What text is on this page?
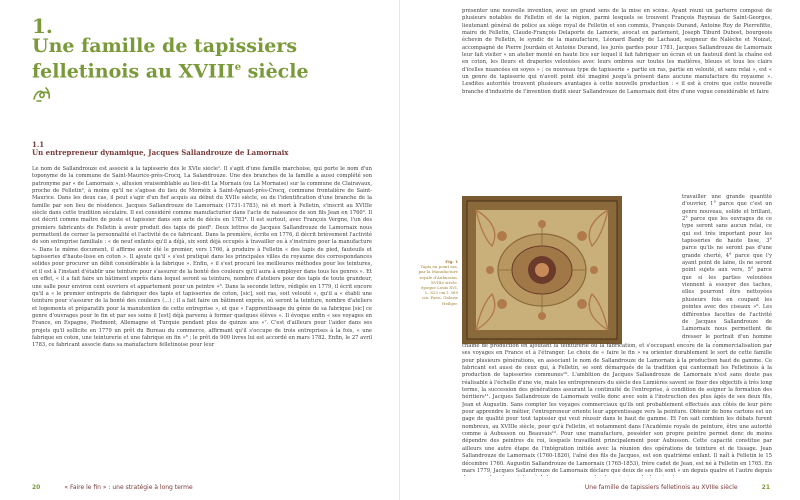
1.
Une famille de tapissiers felletinois au XVIIIe siècle
1.1
Un entrepreneur dynamique, Jacques Sallandrouze de Lamornaix

Le nom de Sallandrouze est associé à la tapisserie dès le XVIe siècle¹. Il s'agit d'une famille marchoise, qui porte le nom d'un toponyme de la commune de Saint-Maurice-près-Crocq, La Salandrouze. Une des branches de la famille a aussi complété son patronyme par « de Lamornaix », allusion vraisemblable au lieu-dit La Mornaix (ou La Mornaise) sur la commune de Clairavaux, proche de Felletin², à moins qu'il ne s'agisse du lieu de Mornéix à Saint-Agnant-près-Crocq, commune frontalière de Saint-Maurice. Dans les deux cas, il peut s'agir d'un fief acquis au début du XVIIe siècle, ou de l'identification d'une branche de la famille par son lieu de résidence. Jacques Sallandrouze de Lamornaix (1731-1783), né et mort à Felletin, s'inscrit au XVIIIe siècle dans cette tradition séculaire. Il est considéré comme manufacturier dans l'acte de naissance de son fils Jean en 1760³. Il est décrit comme maître de poste et tapissier dans son acte de décès en 1783⁴. Il est surtout, avec François Vergne, l'un des premiers fabricants de Felletin à avoir produit des tapis de pied⁵. Deux lettres de Jacques Sallandrouze de Lamornaix nous permettent de cerner la personnalité et l'activité de ce fabricant. Dans la première, écrite en 1776, il décrit brièvement l'activité de son entreprise familiale : « de neuf enfants qu'il a déjà, six sont déjà occupés à travailler ou à s'instruire pour la manufacture ». Dans le même document, il affirme avoir été le premier, vers 1766, à produire à Felletin « des tapis de pied, fauteuils et tapisseries d'haute-lisse en coton ». Il ajoute qu'il « s'est pratiqué dans les principales villes du royaume des correspondances solides pour procurer un débit considérable à la fabrique ». Enfin, « il s'est procuré les meilleures méthodes pour les teintures, et il est à l'instant d'établir une teinture pour s'assurer de la bonté des couleurs qu'il aura à employer dans tous les genres ». Et en effet, « il a fait faire un bâtiment exprès dans lequel seront sa teinture, nombre d'ateliers pour des tapis de toute grandeur, une salle pour environ cent ouvriers et appartement pour un peintre »⁶. Dans la seconde lettre, rédigée en 1779, il écrit encore qu'il a « le premier entrepris de fabriquer des tapis et tapisseries de coton, [sic], soit ras, soit velouté », qu'il a « établi une teinture pour s'assurer de la bonté des couleurs (...) ; il a fait faire un bâtiment exprès, où seront la teinture, nombre d'ateliers et logements et préparatifs pour la manutention de cette entreprise », et que « l'apprentissage du génie de sa fabrique [sic] ce genre d'ouvrages pour le fin et par ses soins il [est] déjà parvenu à former quelques élèves ». Il évoque enfin « ses voyages en France, en Espagne, Piedmont, Allemagne et Turquie pendant plus de quinze ans »⁷. C'est d'ailleurs pour l'aider dans ses projets qu'il sollicite en 1779 un prêt du Bureau du commerce, affirmant qu'il s'occupe de trois entreprises à la fois, « une fabrique en coton, une teinturerie et une fabrique en fin »⁸ ; le prêt de 900 livres lui est accordé en mars 1782. Enfin, le 27 avril 1783, ce fabricant associe dans sa manufacture felletinoise pour leur

20	« Faire le fin » : une stratégie à long terme

présenter une nouvelle invention, avec un grand sens de la mise en scène. Ayant réuni un parterre composé de plusieurs notables de Felletin et de la région, parmi lesquels se trouvent François Ruyneau de Saint-Georges, lieutenant général de police au siège royal de Felletin et son commis, François Durand, Antoine Roy de Pierrefitte, maire de Felletin, Claude-François Delaporte de Lamorie, avocat en parlement, Joseph Tiburd Dubost, bourgeois échevin de Felletin, le syndic de la manufacture, Léonard Bandy de Lachaud, seigneur de Nalèche et Noizat, accompagné de Pierre Jourdain et Antoine Durand, les jurés gardes pour 1781, Jacques Sallandrouze de Lamornaix leur fait visiter « un atelier monté en haute lice sur lequel il fait fabriquer un écran et un fauteuil dont la chaîne est en coton, les fleurs et draperies veloutées avec leurs ombres sur toutes les matières, bleues et tous les clairs d'icelles nuancées en soyes » ; ce nouveau type de tapisserie « partie en ras, partie en velouté, et sans relai », est « un genre de tapisserie qui n'avoit point été imaginé jusqu'à présent dans aucune manufacture du royaume ». Lesdites autorités trouvent plusieurs avantages à cette nouvelle production : « il est à croire que cette nouvelle branche d'industrie de l'invention dudit sieur Sallandrouze de Lamornaix doit être d'une vogue considérable et faire

Fig. 1
Tapis au point ras, par la Manufacture royale d'Aubusson, XVIIIe siècle, époque Louis XVI, L. 623 cm l. 389 cm. Paris, Galerie Heilijer.

travailler une grande quantité d'ouvrier, 1° parce que c'est un genre nouveau, solide et brillant, 2° parce que les ouvrages de ce type seront sans aucun relai, ce qui est très important pour les tapisseries de haute lisse, 3° parce qu'ils ne seront pas d'une grande cherté, 4° parce que l'y ayant point de laine, ils ne seront point sujets aux vers, 5° parce que si les parties veloutées viennent à essuyer des taches, elles pourront être nettoyées plusieurs fois en coupant les pointes avec des ciseaux »⁹. Les différentes facettes de l'activité de Jacques Sallandrouze de Lamornaix nous permettent de dresser le portrait d'un homme

chaîne de production en ajoutant la teinturerie ou la fabrication, et s'occupant encore de la commercialisation par ses voyages en France et à l'étranger. Le choix de « faire le fin » va orienter durablement le sort de cette famille pour plusieurs générations, en associant le nom de Sallandrouze de Lamornaix à la production haut de gamme. Ce fabricant est aussi de ceux qui, à Felletin, se sont démarqués de la tradition qui cantonnait les Felletinois à la production de tapisseries communes¹⁰. L'ambition de Jacques Sallandrouze de Lamornaix n'est sans doute pas réalisable à l'échelle d'une vie, mais les entrepreneurs du siècle des Lumières savent se fixer des objectifs à très long terme, la succession des générations assurant la continuité de l'entreprise, à condition de soigner la formation des héritiers¹¹. Jacques Sallandrouze de Lamornaix veille donc avec soin à l'instruction des plus âgés de ses deux fils, Jean et Augustin. Sans compter les voyages commerciaux qu'ils ont probablement effectués aux côtés de leur père pour apprendre le métier, l'entrepreneur oriente leur apprentissage vers la peinture. Obtenir de bons cartons est un gage de qualité pour tout tapissier qui veut réussir dans le haut de gamme. Et l'on sait combien les débats furent nombreux, au XVIIIe siècle, pour qu'à Felletin, et notamment dans l'Académie royale de peinture, être une autorité comme à Aubusson ou Beauvais¹². Pour une manufacture, posséder son propre peintre permet donc de moins dépendre des peintres du roi, lesquels travaillent principalement pour Aubusson. Cette capacité constitue par ailleurs une autre étape de l'intégration initiée avec la réunion des opérations de teinture et de tissage. Jean Sallandrouze de Lamornaix (1760-1826), l'aîné des fils de Jacques, est son quatrième enfant. Il naît à Felletin le 15 décembre 1760. Augustin Sallandrouze de Lamornaix (1765-1853), frère cadet de Jean, est né à Felletin en 1765. En mars 1779, Jacques Sallandrouze de Lamornaix déclare que deux de ses fils sont « un depuis quatre et l'autre depuis

Une famille de tapissiers felletinois au XVIIIe siècle	21
